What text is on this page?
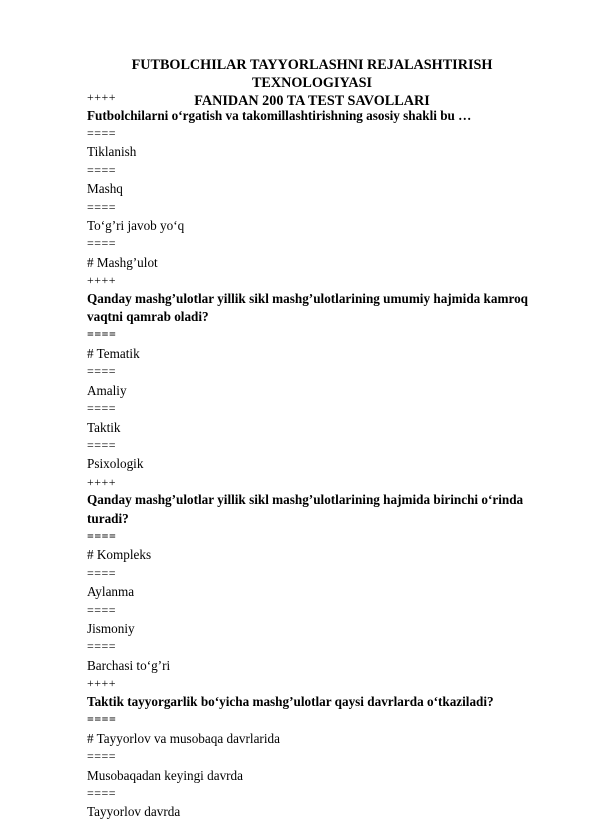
FUTBOLCHILAR TAYYORLASHNI REJALASHTIRISH TEXNOLOGIYASI
FANIDAN 200 TA TEST SAVOLLARI
++++
Futbolchilarni o‘rgatish va takomillashtirishning asosiy shakli bu …
====
Tiklanish
====
Mashq
====
To‘g’ri javob yo‘q
====
# Mashg’ulot
++++
Qanday mashg’ulotlar yillik sikl mashg’ulotlarining umumiy hajmida kamroq vaqtni qamrab oladi?
====
# Tematik
====
Amaliy
====
Taktik
====
Psixologik
++++
Qanday mashg’ulotlar yillik sikl mashg’ulotlarining hajmida birinchi o‘rinda turadi?
====
# Kompleks
====
Aylanma
====
Jismoniy
====
Barchasi to‘g’ri
++++
Taktik tayyorgarlik bo‘yicha mashg’ulotlar qaysi davrlarda o‘tkaziladi?
====
# Tayyorlov va musobaqa davrlarida
====
Musobaqadan keyingi davrda
====
Tayyorlov davrda
